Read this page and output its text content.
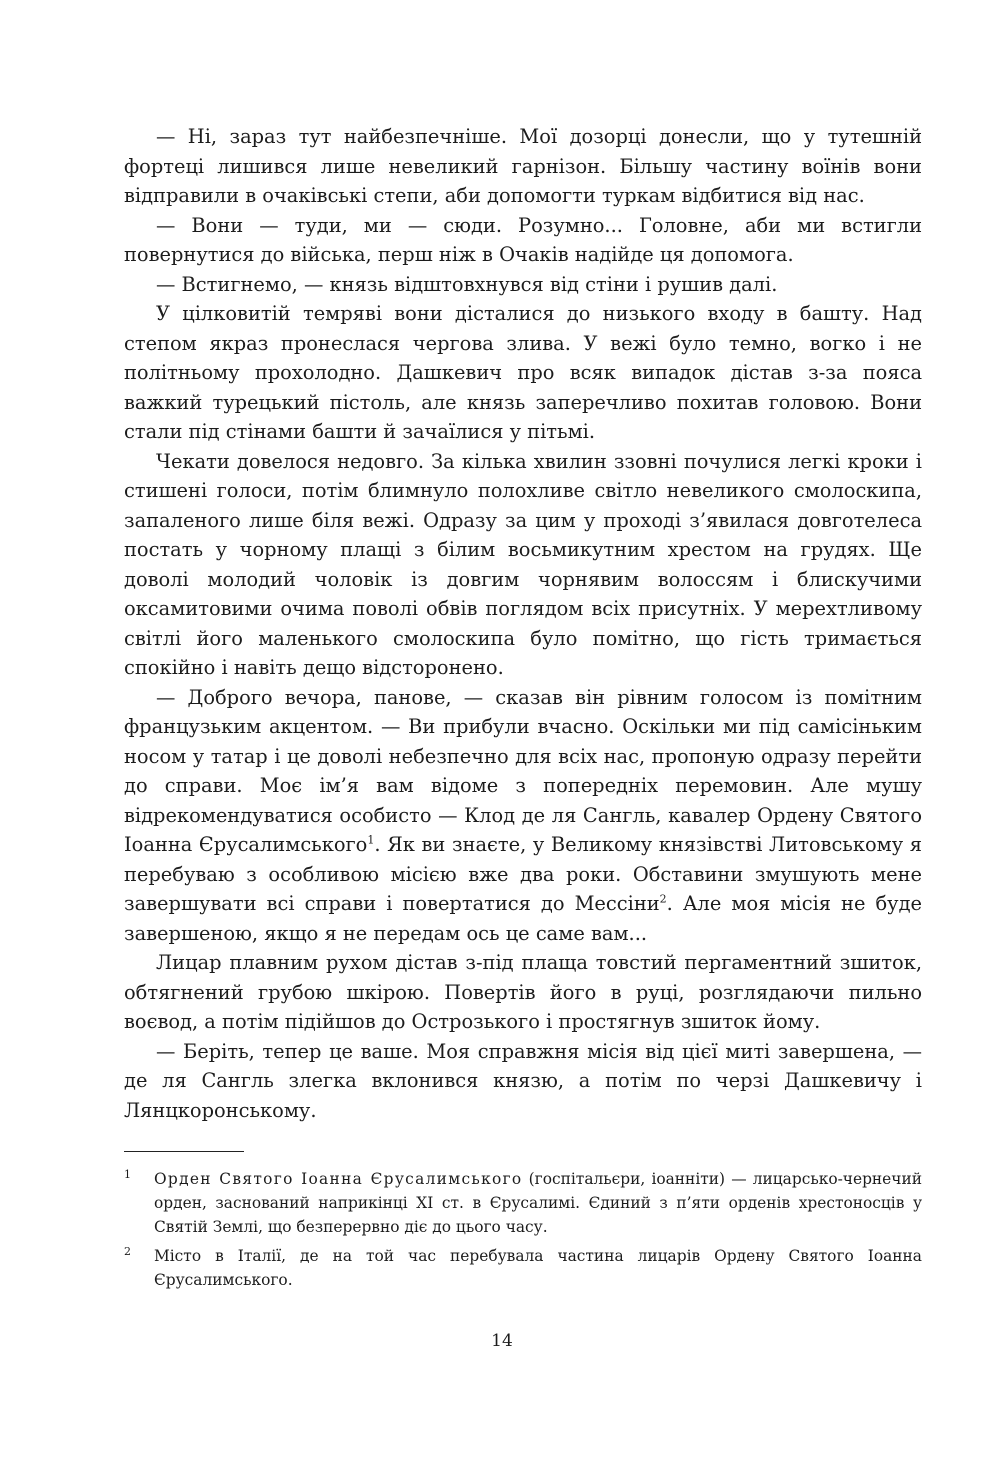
— Ні, зараз тут найбезпечніше. Мої дозорці донесли, що у тутешній фортеці лишився лише невеликий гарнізон. Більшу частину воїнів вони відправили в очаківські степи, аби допомогти туркам відбитися від нас.

— Вони — туди, ми — сюди. Розумно... Головне, аби ми встигли повернутися до війська, перш ніж в Очаків надійде ця допомога.

— Встигнемо, — князь відштовхнувся від стіни і рушив далі.

У цілковитій темряві вони дісталися до низького входу в башту. Над степом якраз пронеслася чергова злива. У вежі було темно, вогко і не політньому прохолодно. Дашкевич про всяк випадок дістав з-за пояса важкий турецький пістоль, але князь заперечливо похитав головою. Вони стали під стінами башти й зачаїлися у пітьмі.

Чекати довелося недовго. За кілька хвилин ззовні почулися легкі кроки і стишені голоси, потім блимнуло полохливе світло невеликого смолоскипа, запаленого лише біля вежі. Одразу за цим у проході з’явилася довготелеса постать у чорному плащі з білим восьмикутним хрестом на грудях. Ще доволі молодий чоловік із довгим чорнявим волоссям і блискучими оксамитовими очима поволі обвів поглядом всіх присутніх. У мерехтливому світлі його маленького смолоскипа було помітно, що гість тримається спокійно і навіть дещо відсторонено.

— Доброго вечора, панове, — сказав він рівним голосом із помітним французьким акцентом. — Ви прибули вчасно. Оскільки ми під самісіньким носом у татар і це доволі небезпечно для всіх нас, пропоную одразу перейти до справи. Моє ім’я вам відоме з попередніх перемовин. Але мушу відрекомендуватися особисто — Клод де ля Сангль, кавалер Ордену Святого Іоанна Єрусалимського$^1$. Як ви знаєте, у Великому князівстві Литовському я перебуваю з особливою місією вже два роки. Обставини змушують мене завершувати всі справи і повертатися до Мессіни$^2$. Але моя місія не буде завершеною, якщо я не передам ось це саме вам...

Лицар плавним рухом дістав з-під плаща товстий пергаментний зшиток, обтягнений грубою шкірою. Повертів його в руці, розглядаючи пильно воєвод, а потім підійшов до Острозького і простягнув зшиток йому.

— Беріть, тепер це ваше. Моя справжня місія від цієї миті завершена, — де ля Сангль злегка вклонився князю, а потім по черзі Дашкевичу і Лянцкоронському.

1 Орден Святого Іоанна Єрусалимського (госпітальєри, іоанніти) — лицарсько-чернечий орден, заснований наприкінці ХІ ст. в Єрусалимі. Єдиний з п’яти орденів хрестоносців у Святій Землі, що безперервно діє до цього часу.
2 Місто в Італії, де на той час перебувала частина лицарів Ордену Святого Іоанна Єрусалимського.
14
